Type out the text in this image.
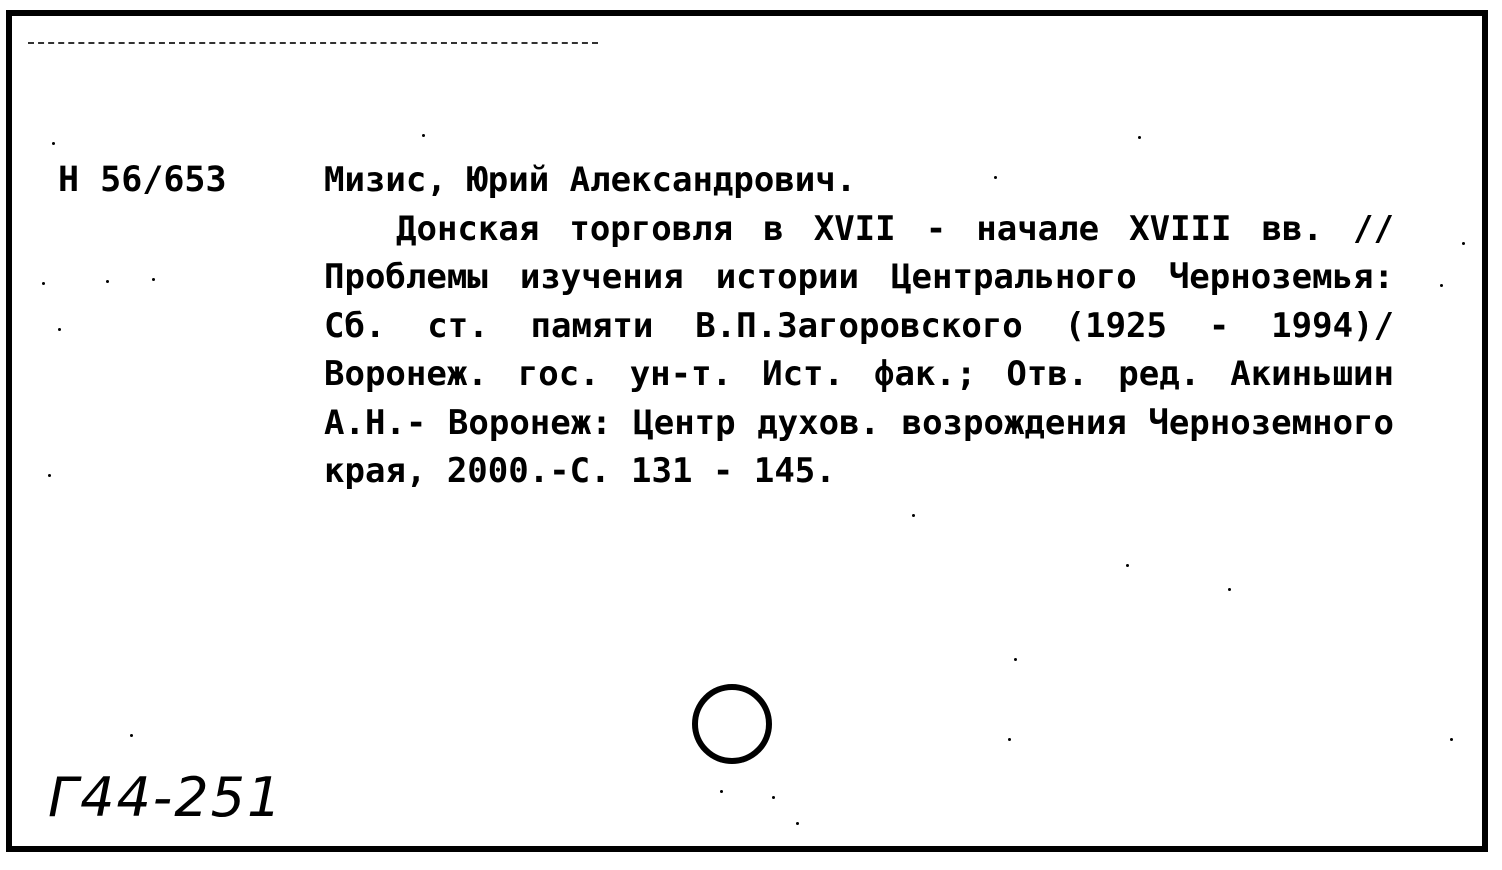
Н 56/653	Мизис, Юрий Александрович.
Донская торговля в XVII - начале XVIII вв. // Проблемы изучения истории Центрального Черноземья: Сб. ст. памяти В.П.Загоровского (1925 - 1994)/ Воронеж. гос. ун-т. Ист. фак.; Отв. ред. Акиньшин А.Н.- Воронеж: Центр духов. возрождения Черноземного края, 2000.-С. 131 - 145.
Г44-251
